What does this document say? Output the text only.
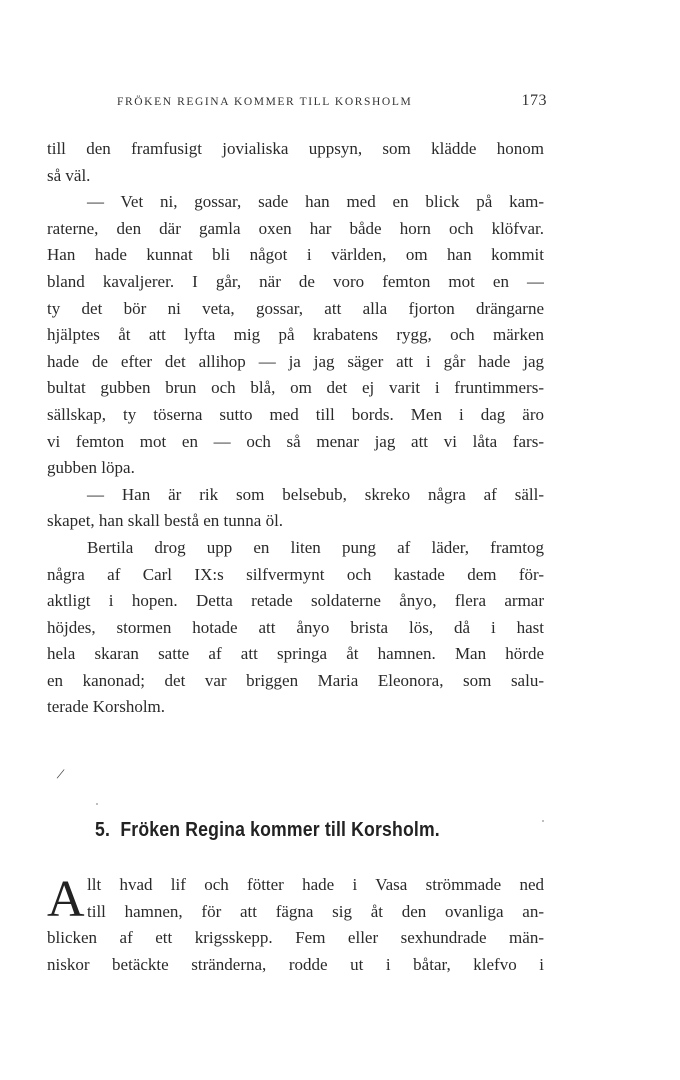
FRÖKEN REGINA KOMMER TILL KORSHOLM	173
till den framfusigt jovialiska uppsyn, som klädde honom
så väl.
— Vet ni, gossar, sade han med en blick på kam-
raterne, den där gamla oxen har både horn och klöfvar.
Han hade kunnat bli något i världen, om han kommit
bland kavaljerer. I går, när de voro femton mot en —
ty det bör ni veta, gossar, att alla fjorton drängarne
hjälptes åt att lyfta mig på krabatens rygg, och märken
hade de efter det allihop — ja jag säger att i går hade jag
bultat gubben brun och blå, om det ej varit i fruntimmers-
sällskap, ty töserna sutto med till bords. Men i dag äro
vi femton mot en — och så menar jag att vi låta fars-
gubben löpa.
— Han är rik som belsebub, skreko några af säll-
skapet, han skall bestå en tunna öl.
Bertila drog upp en liten pung af läder, framtog
några af Carl IX:s silfvermynt och kastade dem för-
aktligt i hopen. Detta retade soldaterne ånyo, flera armar
höjdes, stormen hotade att ånyo brista lös, då i hast
hela skaran satte af att springa åt hamnen. Man hörde
en kanonad; det var briggen Maria Eleonora, som salu-
terade Korsholm.
/
5. Fröken Regina kommer till Korsholm.
A llt hvad lif och fötter hade i Vasa strömmade ned
till hamnen, för att fägna sig åt den ovanliga an-
blicken af ett krigsskepp. Fem eller sexhundrade män-
niskor betäckte stränderna, rodde ut i båtar, klefvo i
